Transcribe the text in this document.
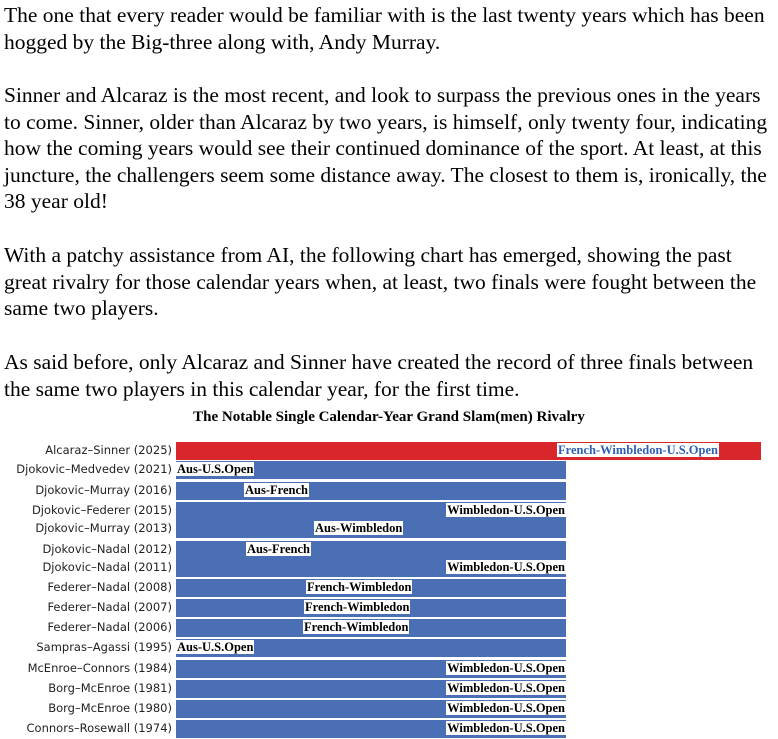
The one that every reader would be familiar with is the last twenty years which has been hogged by the Big-three along with, Andy Murray.

Sinner and Alcaraz is the most recent, and look to surpass the previous ones in the years to come. Sinner, older than Alcaraz by two years, is himself, only twenty four, indicating how the coming years would see their continued dominance of the sport. At least, at this juncture, the challengers seem some distance away. The closest to them is, ironically, the 38 year old!

With a patchy assistance from AI, the following chart has emerged, showing the past great rivalry for those calendar years when, at least, two finals were fought between the same two players.

As said before, only Alcaraz and Sinner have created the record of three finals between the same two players in this calendar year, for the first time.

The Notable Single Calendar-Year Grand Slam(men) Rivalry
Alcaraz–Sinner (2025)	French-Wimbledon-U.S.Open
Djokovic–Medvedev (2021) Aus-U.S.Open
Djokovic–Murray (2016)	Aus-French
Djokovic–Federer (2015)	Wimbledon-U.S.Open
Djokovic–Murray (2013)	Aus-Wimbledon
Djokovic–Nadal (2012)	Aus-French
Djokovic–Nadal (2011)	Wimbledon-U.S.Open
Federer–Nadal (2008)	French-Wimbledon
Federer–Nadal (2007)	French-Wimbledon
Federer–Nadal (2006)	French-Wimbledon
Sampras–Agassi (1995) Aus-U.S.Open
McEnroe–Connors (1984)	Wimbledon-U.S.Open
Borg–McEnroe (1981)	Wimbledon-U.S.Open
Borg–McEnroe (1980)	Wimbledon-U.S.Open
Connors–Rosewall (1974)	Wimbledon-U.S.Open
